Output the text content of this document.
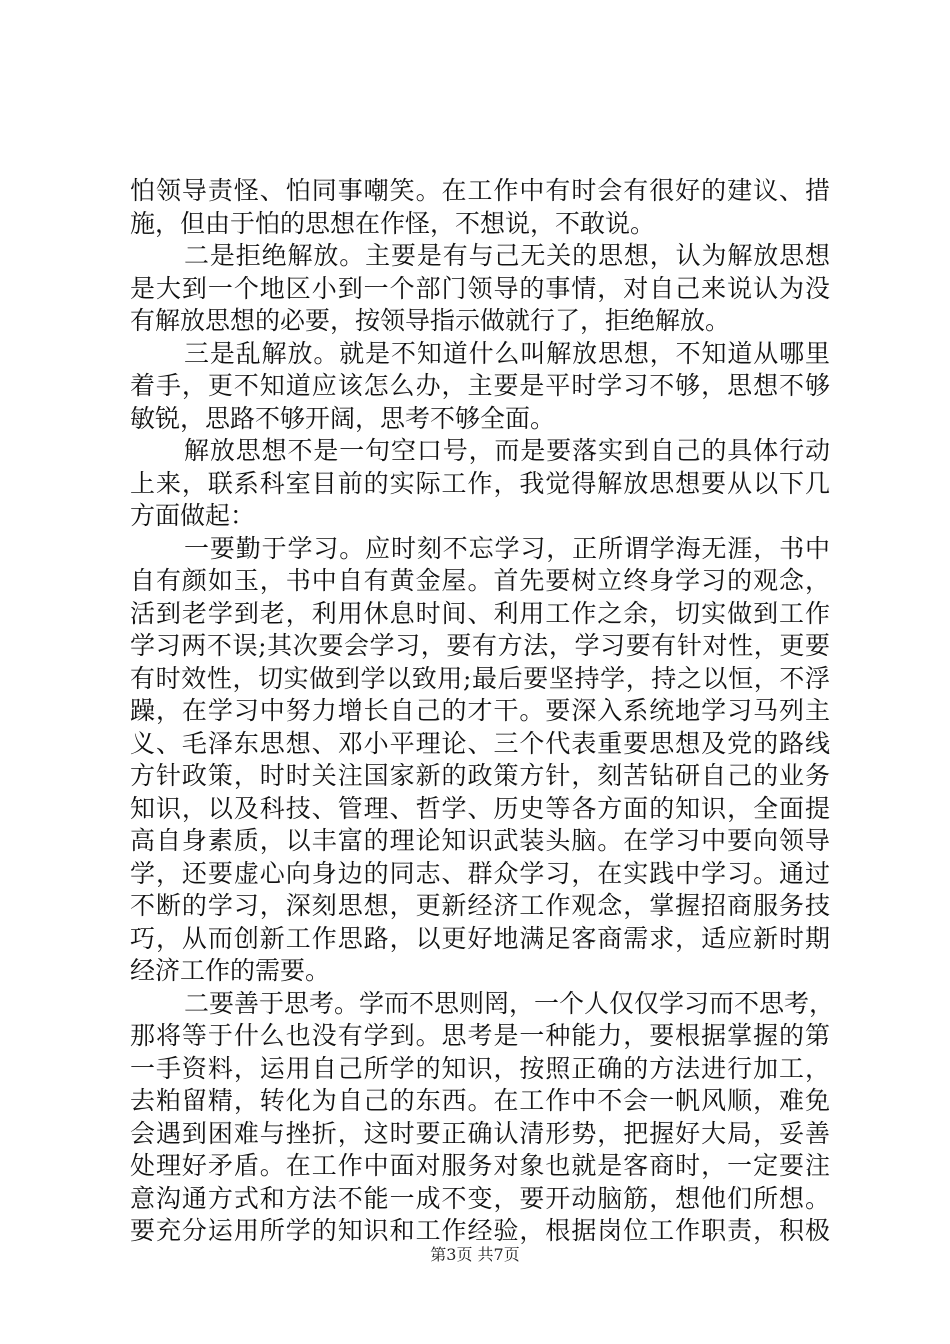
怕领导责怪、怕同事嘲笑。在工作中有时会有很好的建议、措
施，但由于怕的思想在作怪，不想说，不敢说。
二是拒绝解放。主要是有与己无关的思想，认为解放思想
是大到一个地区小到一个部门领导的事情，对自己来说认为没
有解放思想的必要，按领导指示做就行了，拒绝解放。
三是乱解放。就是不知道什么叫解放思想，不知道从哪里
着手，更不知道应该怎么办，主要是平时学习不够，思想不够
敏锐，思路不够开阔，思考不够全面。
解放思想不是一句空口号，而是要落实到自己的具体行动
上来，联系科室目前的实际工作，我觉得解放思想要从以下几
方面做起：
一要勤于学习。应时刻不忘学习，正所谓学海无涯，书中
自有颜如玉，书中自有黄金屋。首先要树立终身学习的观念，
活到老学到老，利用休息时间、利用工作之余，切实做到工作
学习两不误;其次要会学习，要有方法，学习要有针对性，更要
有时效性，切实做到学以致用;最后要坚持学，持之以恒，不浮
躁，在学习中努力增长自己的才干。要深入系统地学习马列主
义、毛泽东思想、邓小平理论、三个代表重要思想及党的路线
方针政策，时时关注国家新的政策方针，刻苦钻研自己的业务
知识，以及科技、管理、哲学、历史等各方面的知识，全面提
高自身素质，以丰富的理论知识武装头脑。在学习中要向领导
学，还要虚心向身边的同志、群众学习，在实践中学习。通过
不断的学习，深刻思想，更新经济工作观念，掌握招商服务技
巧，从而创新工作思路，以更好地满足客商需求，适应新时期
经济工作的需要。
二要善于思考。学而不思则罔，一个人仅仅学习而不思考，
那将等于什么也没有学到。思考是一种能力，要根据掌握的第
一手资料，运用自己所学的知识，按照正确的方法进行加工，
去粕留精，转化为自己的东西。在工作中不会一帆风顺，难免
会遇到困难与挫折，这时要正确认清形势，把握好大局，妥善
处理好矛盾。在工作中面对服务对象也就是客商时，一定要注
意沟通方式和方法不能一成不变，要开动脑筋，想他们所想。
要充分运用所学的知识和工作经验，根据岗位工作职责，积极
第3页 共7页
